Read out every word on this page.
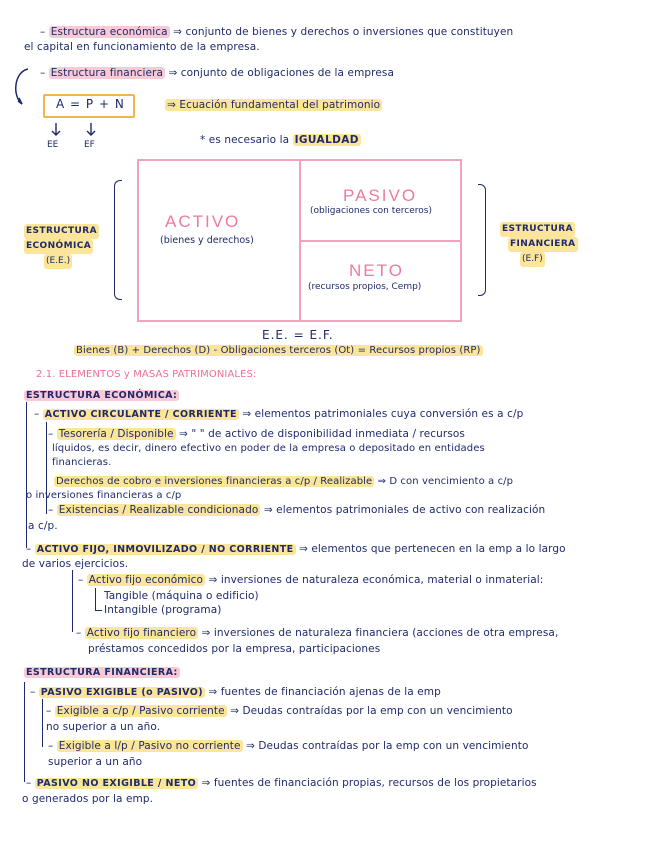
– Estructura económica ⇒ conjunto de bienes y derechos o inversiones que constituyen
el capital en funcionamiento de la empresa.
– Estructura financiera ⇒ conjunto de obligaciones de la empresa
A = P + N	⇒ Ecuación fundamental del patrimonio
EE	EF	* es necesario la IGUALDAD
ACTIVO
(bienes y derechos)
PASIVO
(obligaciones con terceros)
NETO
(recursos propios, Cemp)
ESTRUCTURA
ECONÓMICA
(E.E.)
ESTRUCTURA
FINANCIERA
(E.F)
E.E. = E.F.
Bienes (B) + Derechos (D) - Obligaciones terceros (Ot) = Recursos propios (RP)
2.1. ELEMENTOS y MASAS PATRIMONIALES:
ESTRUCTURA ECONÓMICA:
– ACTIVO CIRCULANTE / CORRIENTE ⇒ elementos patrimoniales cuya conversión es a c/p
– Tesorería / Disponible ⇒ " " de activo de disponibilidad inmediata / recursos
líquidos, es decir, dinero efectivo en poder de la empresa o depositado en entidades
financieras.
Derechos de cobro e inversiones financieras a c/p / Realizable ⇒ D con vencimiento a c/p
o inversiones financieras a c/p
– Existencias / Realizable condicionado ⇒ elementos patrimoniales de activo con realización
a c/p.
– ACTIVO FIJO, INMOVILIZADO / NO CORRIENTE ⇒ elementos que pertenecen en la emp a lo largo
de varios ejercicios.
– Activo fijo económico ⇒ inversiones de naturaleza económica, material o inmaterial:
Tangible (máquina o edificio)
Intangible (programa)
– Activo fijo financiero ⇒ inversiones de naturaleza financiera (acciones de otra empresa,
préstamos concedidos por la empresa, participaciones
ESTRUCTURA FINANCIERA:
– PASIVO EXIGIBLE (o PASIVO) ⇒ fuentes de financiación ajenas de la emp
– Exigible a c/p / Pasivo corriente ⇒ Deudas contraídas por la emp con un vencimiento
no superior a un año.
– Exigible a l/p / Pasivo no corriente ⇒ Deudas contraídas por la emp con un vencimiento
superior a un año
– PASIVO NO EXIGIBLE / NETO ⇒ fuentes de financiación propias, recursos de los propietarios
o generados por la emp.
